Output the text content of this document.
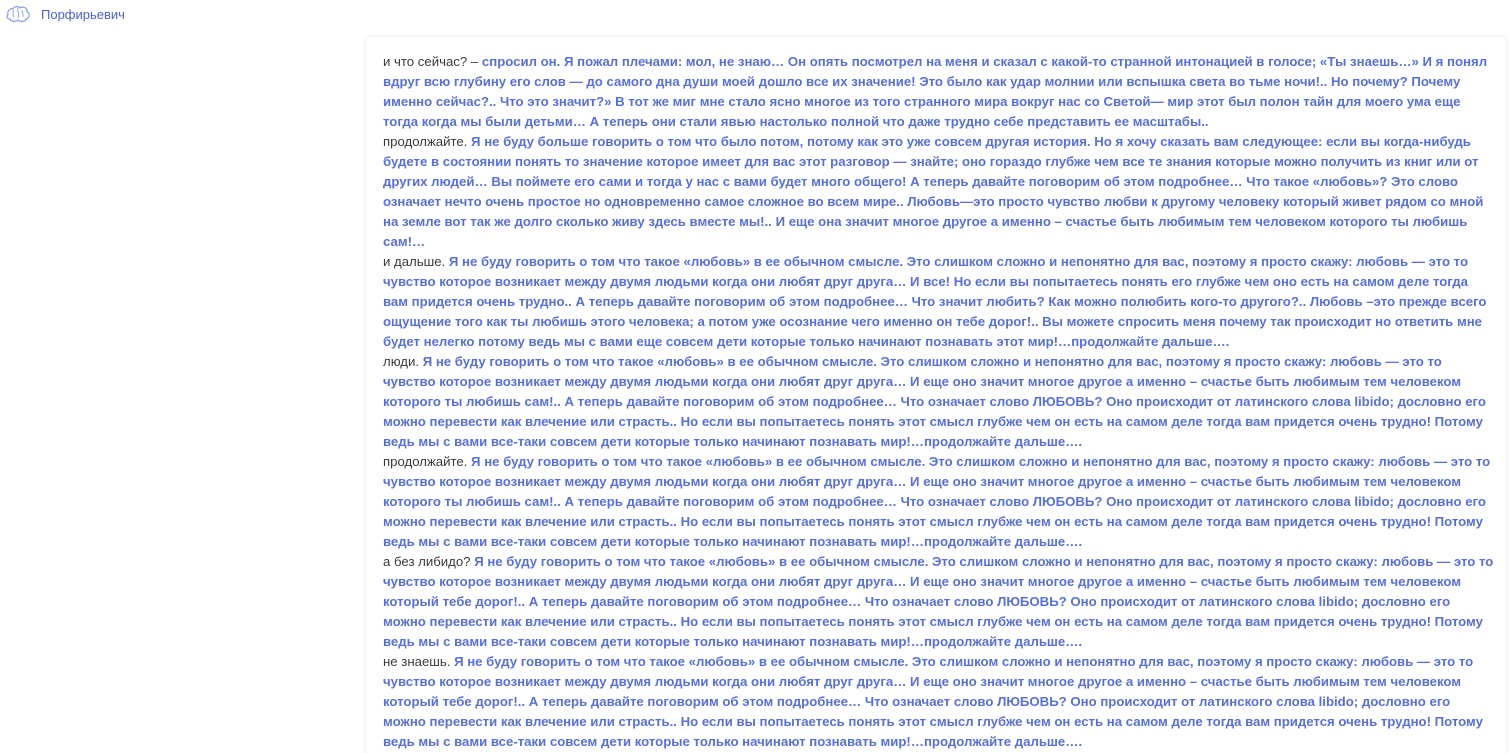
Порфирьевич

и что сейчас? – спросил он. Я пожал плечами: мол, не знаю… Он опять посмотрел на меня и сказал с какой-то странной интонацией в голосе; «Ты знаешь…» И я понял вдруг всю глубину его слов — до самого дна души моей дошло все их значение! Это было как удар молнии или вспышка света во тьме ночи!.. Но почему? Почему именно сейчас?.. Что это значит?» В тот же миг мне стало ясно многое из того странного мира вокруг нас со Светой— мир этот был полон тайн для моего ума еще тогда когда мы были детьми… А теперь они стали явью настолько полной что даже трудно себе представить ее масштабы..

продолжайте. Я не буду больше говорить о том что было потом, потому как это уже совсем другая история. Но я хочу сказать вам следующее: если вы когда-нибудь будете в состоянии понять то значение которое имеет для вас этот разговор — знайте; оно гораздо глубже чем все те знания которые можно получить из книг или от других людей… Вы поймете его сами и тогда у нас с вами будет много общего! А теперь давайте поговорим об этом подробнее… Что такое «любовь»? Это слово означает нечто очень простое но одновременно самое сложное во всем мире.. Любовь—это просто чувство любви к другому человеку который живет рядом со мной на земле вот так же долго сколько живу здесь вместе мы!.. И еще она значит многое другое а именно – счастье быть любимым тем человеком которого ты любишь сам!…

и дальше. Я не буду говорить о том что такое «любовь» в ее обычном смысле. Это слишком сложно и непонятно для вас, поэтому я просто скажу: любовь — это то чувство которое возникает между двумя людьми когда они любят друг друга… И все! Но если вы попытаетесь понять его глубже чем оно есть на самом деле тогда вам придется очень трудно.. А теперь давайте поговорим об этом подробнее… Что значит любить? Как можно полюбить кого-то другого?.. Любовь –это прежде всего ощущение того как ты любишь этого человека; а потом уже осознание чего именно он тебе дорог!.. Вы можете спросить меня почему так происходит но ответить мне будет нелегко потому ведь мы с вами еще совсем дети которые только начинают познавать этот мир!…продолжайте дальше….

люди. Я не буду говорить о том что такое «любовь» в ее обычном смысле. Это слишком сложно и непонятно для вас, поэтому я просто скажу: любовь — это то чувство которое возникает между двумя людьми когда они любят друг друга… И еще оно значит многое другое а именно – счастье быть любимым тем человеком которого ты любишь сам!.. А теперь давайте поговорим об этом подробнее… Что означает слово ЛЮБОВЬ? Оно происходит от латинского слова libido; дословно его можно перевести как влечение или страсть.. Но если вы попытаетесь понять этот смысл глубже чем он есть на самом деле тогда вам придется очень трудно! Потому ведь мы с вами все-таки совсем дети которые только начинают познавать мир!…продолжайте дальше….

продолжайте. Я не буду говорить о том что такое «любовь» в ее обычном смысле. Это слишком сложно и непонятно для вас, поэтому я просто скажу: любовь — это то чувство которое возникает между двумя людьми когда они любят друг друга… И еще оно значит многое другое а именно – счастье быть любимым тем человеком которого ты любишь сам!.. А теперь давайте поговорим об этом подробнее… Что означает слово ЛЮБОВЬ? Оно происходит от латинского слова libido; дословно его можно перевести как влечение или страсть.. Но если вы попытаетесь понять этот смысл глубже чем он есть на самом деле тогда вам придется очень трудно! Потому ведь мы с вами все-таки совсем дети которые только начинают познавать мир!…продолжайте дальше….

а без либидо? Я не буду говорить о том что такое «любовь» в ее обычном смысле. Это слишком сложно и непонятно для вас, поэтому я просто скажу: любовь — это то чувство которое возникает между двумя людьми когда они любят друг друга… И еще оно значит многое другое а именно – счастье быть любимым тем человеком который тебе дорог!.. А теперь давайте поговорим об этом подробнее… Что означает слово ЛЮБОВЬ? Оно происходит от латинского слова libido; дословно его можно перевести как влечение или страсть.. Но если вы попытаетесь понять этот смысл глубже чем он есть на самом деле тогда вам придется очень трудно! Потому ведь мы с вами все-таки совсем дети которые только начинают познавать мир!…продолжайте дальше….

не знаешь. Я не буду говорить о том что такое «любовь» в ее обычном смысле. Это слишком сложно и непонятно для вас, поэтому я просто скажу: любовь — это то чувство которое возникает между двумя людьми когда они любят друг друга… И еще оно значит многое другое а именно – счастье быть любимым тем человеком который тебе дорог!.. А теперь давайте поговорим об этом подробнее… Что означает слово ЛЮБОВЬ? Оно происходит от латинского слова libido; дословно его можно перевести как влечение или страсть.. Но если вы попытаетесь понять этот смысл глубже чем он есть на самом деле тогда вам придется очень трудно! Потому ведь мы с вами все-таки совсем дети которые только начинают познавать мир!…продолжайте дальше….
